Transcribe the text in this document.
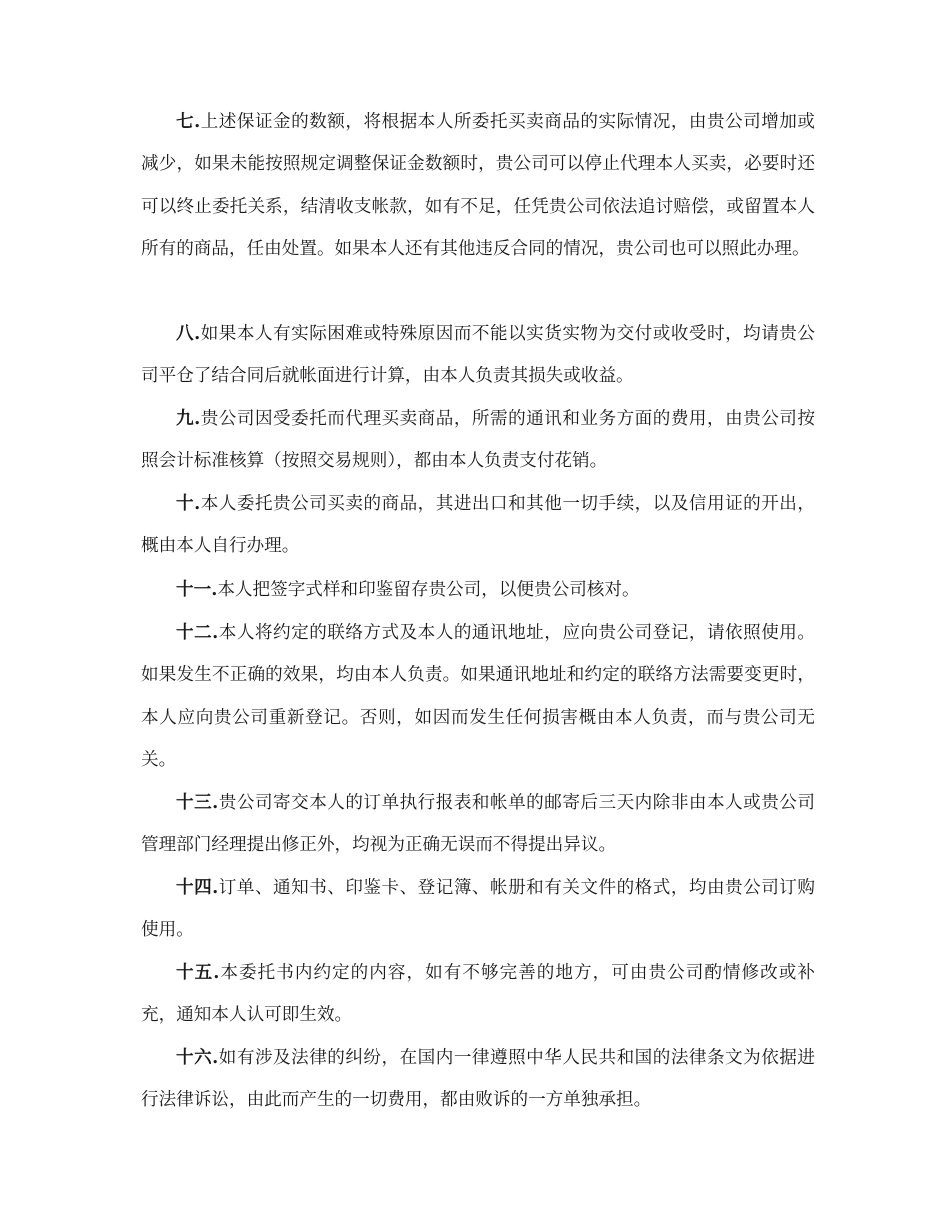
七.上述保证金的数额，将根据本人所委托买卖商品的实际情况，由贵公司增加或减少，如果未能按照规定调整保证金数额时，贵公司可以停止代理本人买卖，必要时还可以终止委托关系，结清收支帐款，如有不足，任凭贵公司依法追讨赔偿，或留置本人所有的商品，任由处置。如果本人还有其他违反合同的情况，贵公司也可以照此办理。

八.如果本人有实际困难或特殊原因而不能以实货实物为交付或收受时，均请贵公司平仓了结合同后就帐面进行计算，由本人负责其损失或收益。

九.贵公司因受委托而代理买卖商品，所需的通讯和业务方面的费用，由贵公司按照会计标准核算（按照交易规则），都由本人负责支付花销。

十.本人委托贵公司买卖的商品，其进出口和其他一切手续，以及信用证的开出，概由本人自行办理。

十一.本人把签字式样和印鉴留存贵公司，以便贵公司核对。

十二.本人将约定的联络方式及本人的通讯地址，应向贵公司登记，请依照使用。如果发生不正确的效果，均由本人负责。如果通讯地址和约定的联络方法需要变更时，本人应向贵公司重新登记。否则，如因而发生任何损害概由本人负责，而与贵公司无关。

十三.贵公司寄交本人的订单执行报表和帐单的邮寄后三天内除非由本人或贵公司管理部门经理提出修正外，均视为正确无误而不得提出异议。

十四.订单、通知书、印鉴卡、登记簿、帐册和有关文件的格式，均由贵公司订购使用。

十五.本委托书内约定的内容，如有不够完善的地方，可由贵公司酌情修改或补充，通知本人认可即生效。

十六.如有涉及法律的纠纷，在国内一律遵照中华人民共和国的法律条文为依据进行法律诉讼，由此而产生的一切费用，都由败诉的一方单独承担。
